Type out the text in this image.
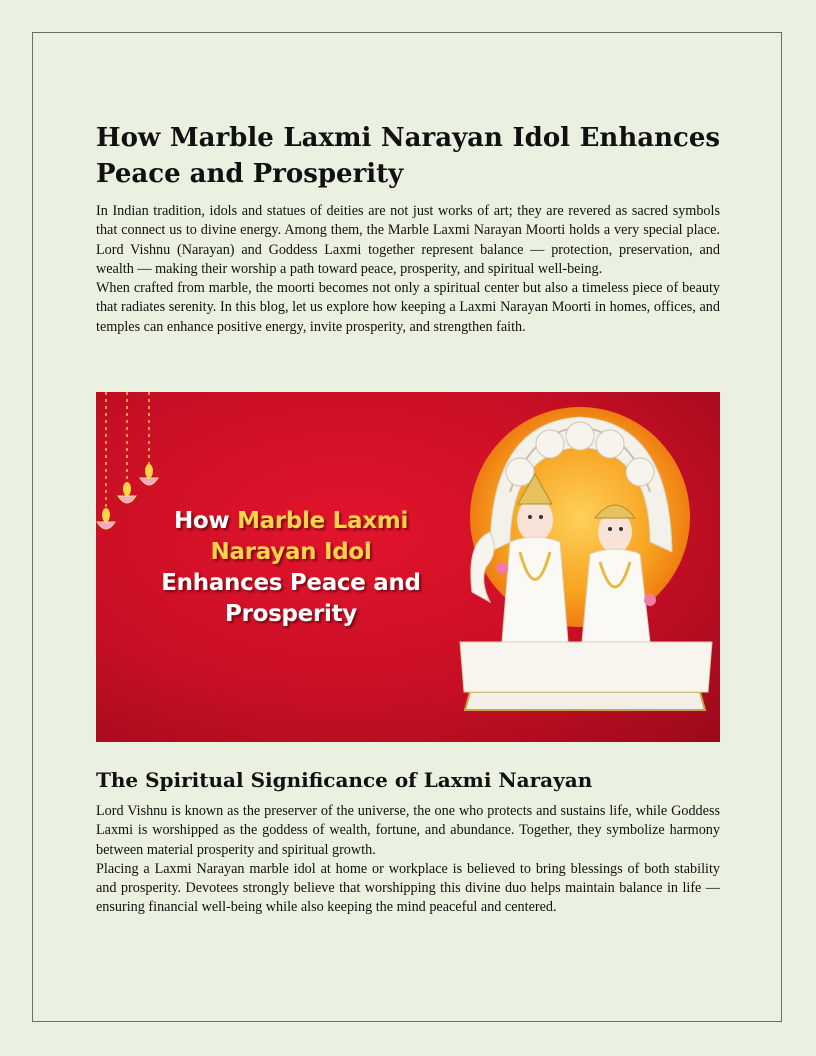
How Marble Laxmi Narayan Idol Enhances Peace and Prosperity

In Indian tradition, idols and statues of deities are not just works of art; they are revered as sacred symbols that connect us to divine energy. Among them, the Marble Laxmi Narayan Moorti holds a very special place. Lord Vishnu (Narayan) and Goddess Laxmi together represent balance — protection, preservation, and wealth — making their worship a path toward peace, prosperity, and spiritual well-being.

When crafted from marble, the moorti becomes not only a spiritual center but also a timeless piece of beauty that radiates serenity. In this blog, let us explore how keeping a Laxmi Narayan Moorti in homes, offices, and temples can enhance positive energy, invite prosperity, and strengthen faith.

How Marble Laxmi
Narayan Idol
Enhances Peace and
Prosperity
The Spiritual Significance of Laxmi Narayan

Lord Vishnu is known as the preserver of the universe, the one who protects and sustains life, while Goddess Laxmi is worshipped as the goddess of wealth, fortune, and abundance. Together, they symbolize harmony between material prosperity and spiritual growth.

Placing a Laxmi Narayan marble idol at home or workplace is believed to bring blessings of both stability and prosperity. Devotees strongly believe that worshipping this divine duo helps maintain balance in life — ensuring financial well-being while also keeping the mind peaceful and centered.
